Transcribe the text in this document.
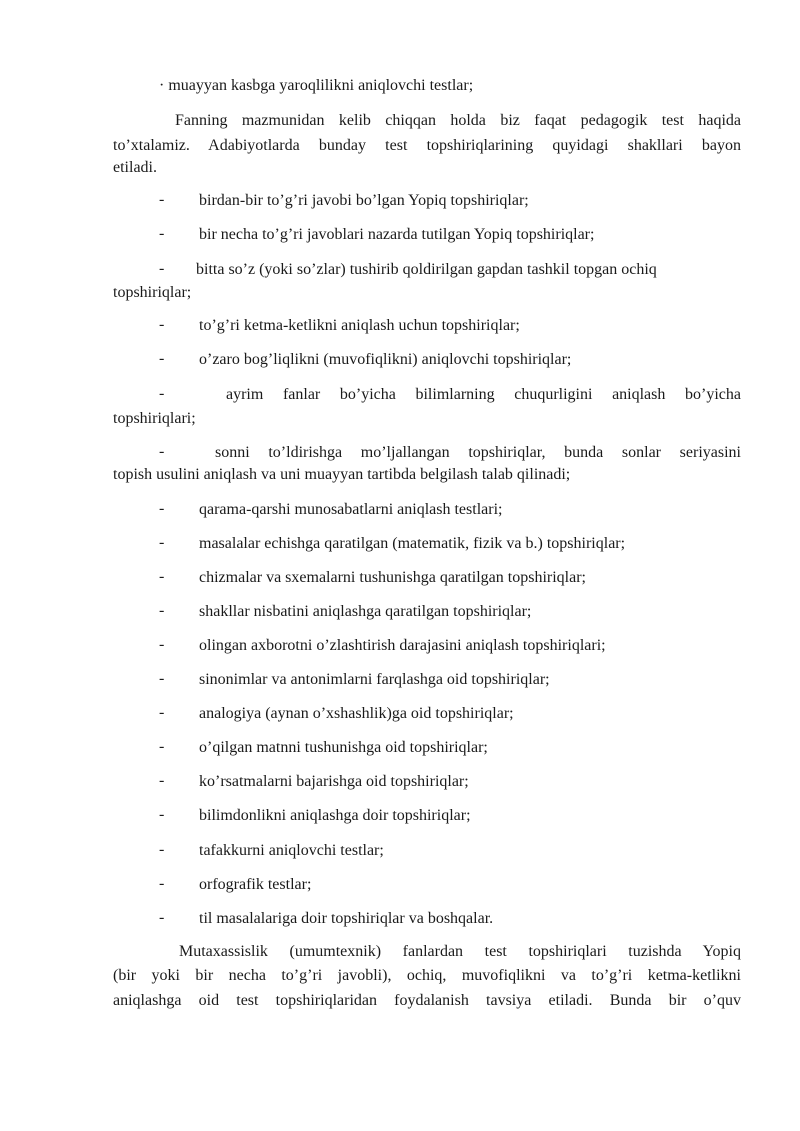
· muayyan kasbga yaroqlilikni aniqlovchi testlar;
Fanning mazmunidan kelib chiqqan holda biz faqat pedagogik test haqida
to’xtalamiz. Adabiyotlarda bunday test topshiriqlarining quyidagi shakllari bayon
etiladi.
- birdan-bir to’g’ri javobi bo’lgan Yopiq topshiriqlar;
- bir necha to’g’ri javoblari nazarda tutilgan Yopiq topshiriqlar;
- bitta so’z (yoki so’zlar) tushirib qoldirilgan gapdan tashkil topgan ochiq
topshiriqlar;
- to’g’ri ketma-ketlikni aniqlash uchun topshiriqlar;
- o’zaro bog’liqlikni (muvofiqlikni) aniqlovchi topshiriqlar;
-	ayrim fanlar bo’yicha bilimlarning chuqurligini aniqlash bo’yicha
topshiriqlari;
-	sonni to’ldirishga mo’ljallangan topshiriqlar, bunda sonlar seriyasini
topish usulini aniqlash va uni muayyan tartibda belgilash talab qilinadi;
- qarama-qarshi munosabatlarni aniqlash testlari;
- masalalar echishga qaratilgan (matematik, fizik va b.) topshiriqlar;
- chizmalar va sxemalarni tushunishga qaratilgan topshiriqlar;
- shakllar nisbatini aniqlashga qaratilgan topshiriqlar;
- olingan axborotni o’zlashtirish darajasini aniqlash topshiriqlari;
- sinonimlar va antonimlarni farqlashga oid topshiriqlar;
- analogiya (aynan o’xshashlik)ga oid topshiriqlar;
- o’qilgan matnni tushunishga oid topshiriqlar;
- ko’rsatmalarni bajarishga oid topshiriqlar;
- bilimdonlikni aniqlashga doir topshiriqlar;
- tafakkurni aniqlovchi testlar;
- orfografik testlar;
- til masalalariga doir topshiriqlar va boshqalar.
Mutaxassislik (umumtexnik) fanlardan test topshiriqlari tuzishda Yopiq
(bir yoki bir necha to’g’ri javobli), ochiq, muvofiqlikni va to’g’ri ketma-ketlikni
aniqlashga oid test topshiriqlaridan foydalanish tavsiya etiladi. Bunda bir o’quv
